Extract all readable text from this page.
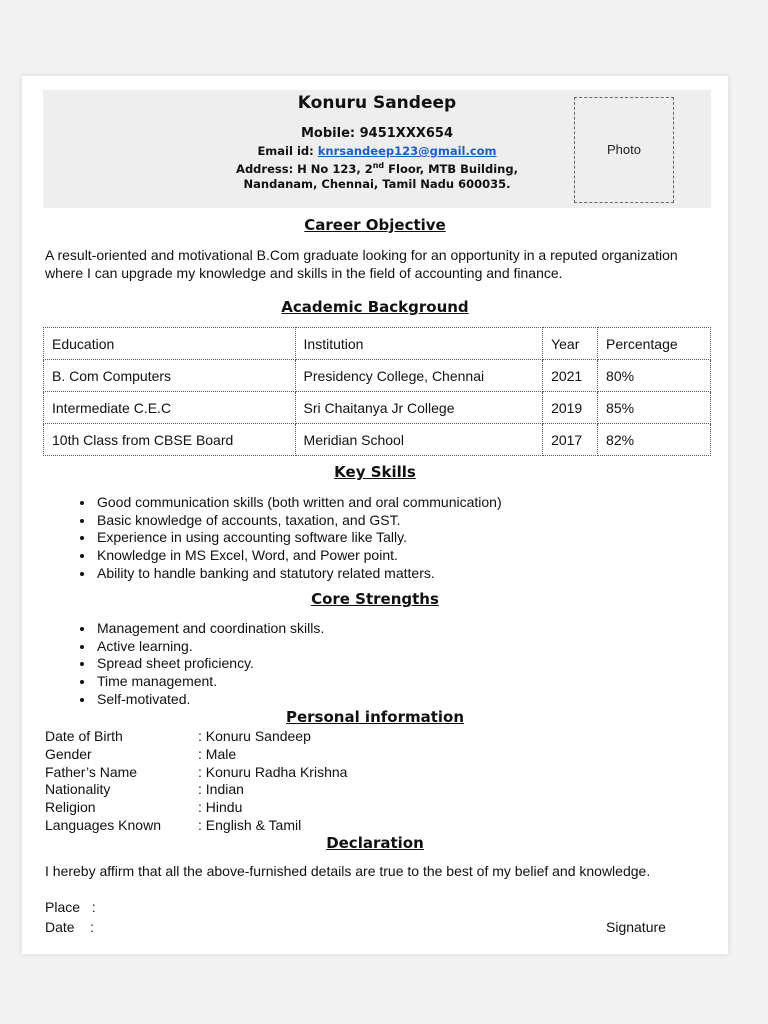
Konuru Sandeep
Mobile: 9451XXX654
Email id: knrsandeep123@gmail.com
Address: H No 123, 2nd Floor, MTB Building,
Nandanam, Chennai, Tamil Nadu 600035.
Photo
Career Objective
A result-oriented and motivational B.Com graduate looking for an opportunity in a reputed organization where I can upgrade my knowledge and skills in the field of accounting and finance.
Academic Background
Education	Institution	Year	Percentage
B. Com Computers	Presidency College, Chennai	2021	80%
Intermediate C.E.C	Sri Chaitanya Jr College	2019	85%
10th Class from CBSE Board	Meridian School	2017	82%
Key Skills
• Good communication skills (both written and oral communication)
• Basic knowledge of accounts, taxation, and GST.
• Experience in using accounting software like Tally.
• Knowledge in MS Excel, Word, and Power point.
• Ability to handle banking and statutory related matters.
Core Strengths
• Management and coordination skills.
• Active learning.
• Spread sheet proficiency.
• Time management.
• Self-motivated.
Personal information
Date of Birth	: Konuru Sandeep
Gender	: Male
Father’s Name	: Konuru Radha Krishna
Nationality	: Indian
Religion	: Hindu
Languages Known	: English & Tamil
Declaration
I hereby affirm that all the above-furnished details are true to the best of my belief and knowledge.
Place   :
Date    :	Signature
